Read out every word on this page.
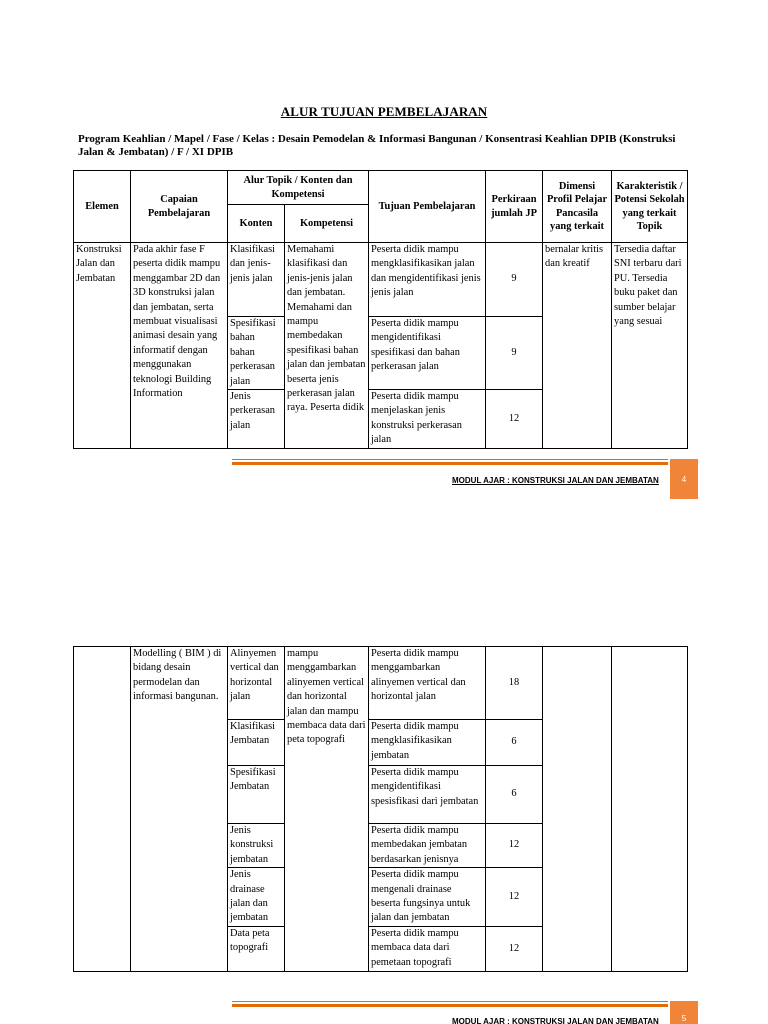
ALUR TUJUAN PEMBELAJARAN
Program Keahlian / Mapel / Fase / Kelas : Desain Pemodelan & Informasi Bangunan / Konsentrasi Keahlian DPIB (Konstruksi Jalan & Jembatan) / F / XI DPIB
Elemen	Capaian Pembelajaran	Alur Topik / Konten dan Kompetensi		Tujuan Pembelajaran	Perkiraan jumlah JP	Dimensi Profil Pelajar Pancasila yang terkait	Karakteristik / Potensi Sekolah yang terkait Topik
		Konten	Kompetensi				
Konstruksi Jalan dan Jembatan	Pada akhir fase F peserta didik mampu menggambar 2D dan 3D konstruksi jalan dan jembatan, serta membuat visualisasi animasi desain yang informatif dengan menggunakan teknologi Building Information	Klasifikasi dan jenis-jenis jalan	Memahami klasifikasi dan jenis-jenis jalan dan jembatan. Memahami dan mampu membedakan spesifikasi bahan jalan dan jembatan beserta jenis perkerasan jalan raya. Peserta didik	Peserta didik mampu mengklasifikasikan jalan dan mengidentifikasi jenis jenis jalan	9	bernalar kritis dan kreatif	Tersedia daftar SNI terbaru dari PU. Tersedia buku paket dan sumber belajar yang sesuai
		Spesifikasi bahan bahan perkerasan jalan		Peserta didik mampu mengidentifikasi spesifikasi dan bahan perkerasan jalan	9		
		Jenis perkerasan jalan		Peserta didik mampu menjelaskan jenis konstruksi perkerasan jalan	12		
MODUL AJAR : KONSTRUKSI JALAN DAN JEMBATAN	4
	Modelling ( BIM ) di bidang desain permodelan dan informasi bangunan.	Alinyemen vertical dan horizontal jalan	mampu menggambarkan alinyemen vertical dan horizontal jalan dan mampu membaca data dari peta topografi	Peserta didik mampu menggambarkan alinyemen vertical dan horizontal jalan	18		
		Klasifikasi Jembatan		Peserta didik mampu mengklasifikasikan jembatan	6		
		Spesifikasi Jembatan		Peserta didik mampu mengidentifikasi spesisfikasi dari jembatan	6		
		Jenis konstruksi jembatan		Peserta didik mampu membedakan jembatan berdasarkan jenisnya	12		
		Jenis drainase jalan dan jembatan		Peserta didik mampu mengenali drainase beserta fungsinya untuk jalan dan jembatan	12		
		Data peta topografi		Peserta didik mampu membaca data dari pemetaan topografi	12		
MODUL AJAR : KONSTRUKSI JALAN DAN JEMBATAN	5
